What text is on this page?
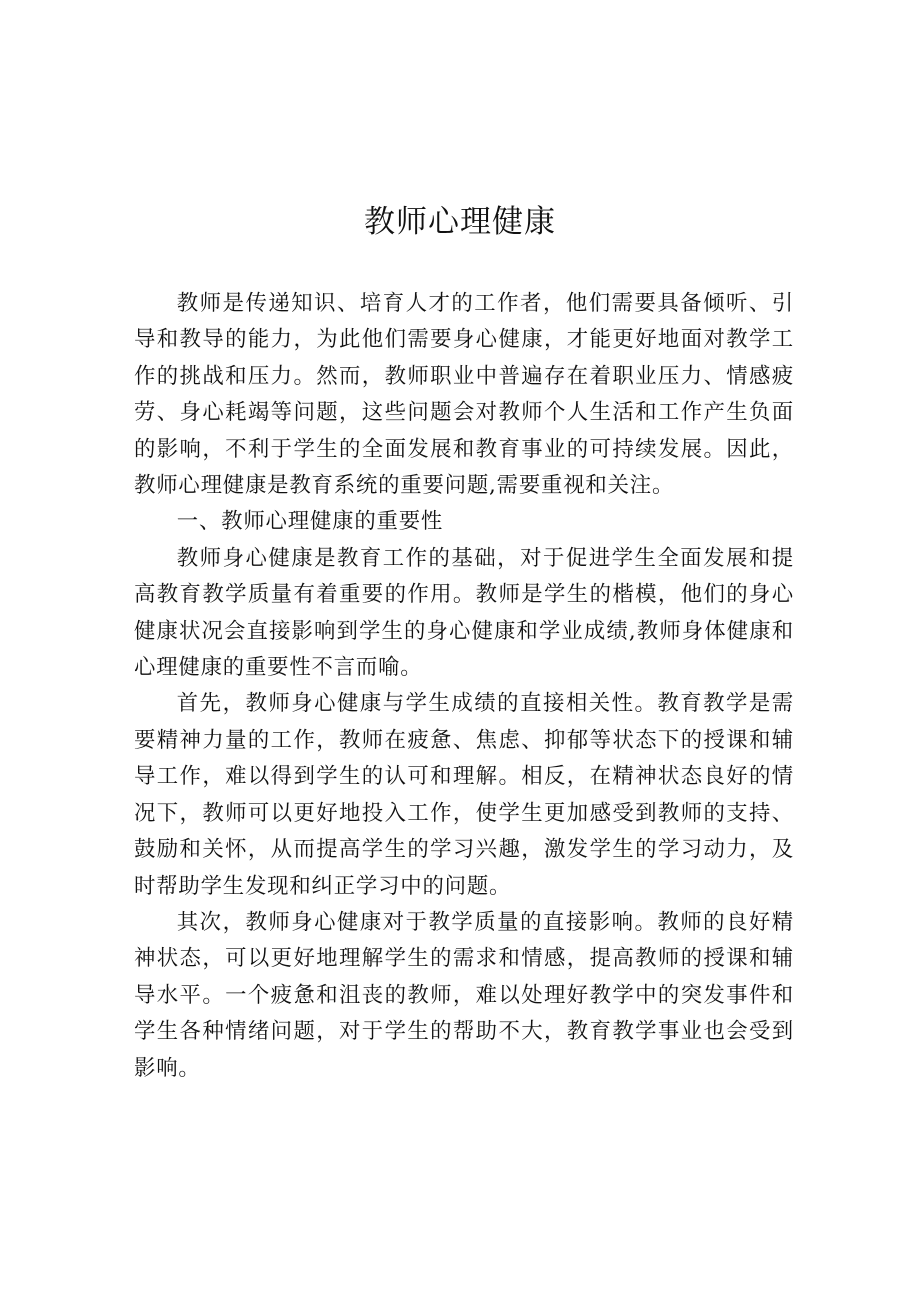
教师心理健康

教师是传递知识、培育人才的工作者，他们需要具备倾听、引导和教导的能力，为此他们需要身心健康，才能更好地面对教学工作的挑战和压力。然而，教师职业中普遍存在着职业压力、情感疲劳、身心耗竭等问题，这些问题会对教师个人生活和工作产生负面的影响，不利于学生的全面发展和教育事业的可持续发展。因此，教师心理健康是教育系统的重要问题,需要重视和关注。

一、教师心理健康的重要性

教师身心健康是教育工作的基础，对于促进学生全面发展和提高教育教学质量有着重要的作用。教师是学生的楷模，他们的身心健康状况会直接影响到学生的身心健康和学业成绩,教师身体健康和心理健康的重要性不言而喻。

首先，教师身心健康与学生成绩的直接相关性。教育教学是需要精神力量的工作，教师在疲惫、焦虑、抑郁等状态下的授课和辅导工作，难以得到学生的认可和理解。相反，在精神状态良好的情况下，教师可以更好地投入工作，使学生更加感受到教师的支持、鼓励和关怀，从而提高学生的学习兴趣，激发学生的学习动力，及时帮助学生发现和纠正学习中的问题。

其次，教师身心健康对于教学质量的直接影响。教师的良好精神状态，可以更好地理解学生的需求和情感，提高教师的授课和辅导水平。一个疲惫和沮丧的教师，难以处理好教学中的突发事件和学生各种情绪问题，对于学生的帮助不大，教育教学事业也会受到影响。
